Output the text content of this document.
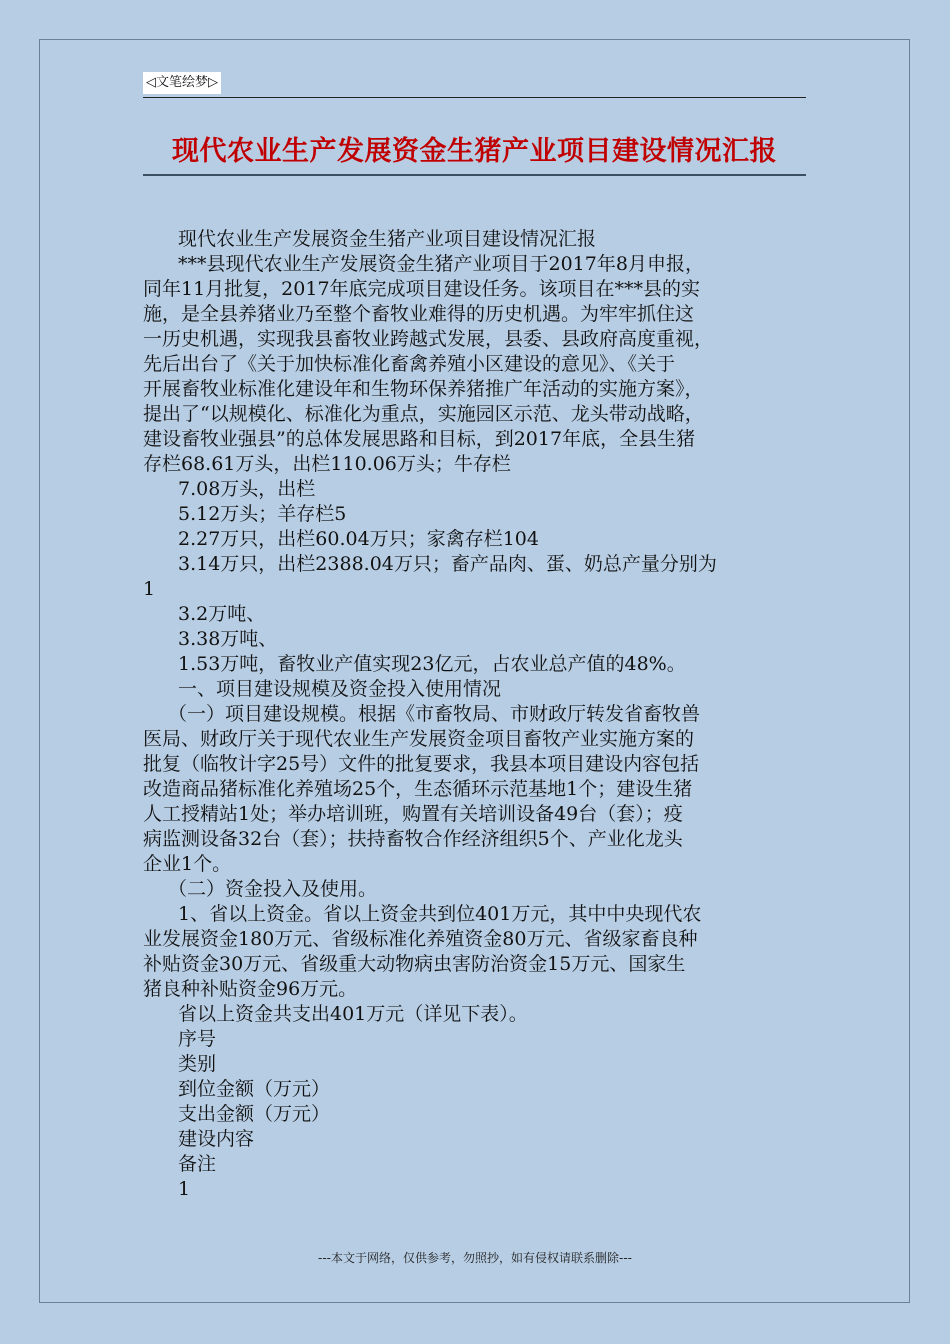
◁文笔绘梦▷
现代农业生产发展资金生猪产业项目建设情况汇报
现代农业生产发展资金生猪产业项目建设情况汇报
***县现代农业生产发展资金生猪产业项目于2017年8月申报，
同年11月批复，2017年底完成项目建设任务。该项目在***县的实
施，是全县养猪业乃至整个畜牧业难得的历史机遇。为牢牢抓住这
一历史机遇，实现我县畜牧业跨越式发展，县委、县政府高度重视，
先后出台了《关于加快标准化畜禽养殖小区建设的意见》、《关于
开展畜牧业标准化建设年和生物环保养猪推广年活动的实施方案》，
提出了“以规模化、标准化为重点，实施园区示范、龙头带动战略，
建设畜牧业强县”的总体发展思路和目标，到2017年底，全县生猪
存栏68.61万头，出栏110.06万头；牛存栏
7.08万头，出栏
5.12万头；羊存栏5
2.27万只，出栏60.04万只；家禽存栏104
3.14万只，出栏2388.04万只；畜产品肉、蛋、奶总产量分别为
1
3.2万吨、
3.38万吨、
1.53万吨，畜牧业产值实现23亿元，占农业总产值的48%。
一、项目建设规模及资金投入使用情况
（一）项目建设规模。根据《市畜牧局、市财政厅转发省畜牧兽
医局、财政厅关于现代农业生产发展资金项目畜牧产业实施方案的
批复（临牧计字25号）文件的批复要求，我县本项目建设内容包括
改造商品猪标准化养殖场25个，生态循环示范基地1个；建设生猪
人工授精站1处；举办培训班，购置有关培训设备49台（套）；疫
病监测设备32台（套）；扶持畜牧合作经济组织5个、产业化龙头
企业1个。
（二）资金投入及使用。
1、省以上资金。省以上资金共到位401万元，其中中央现代农
业发展资金180万元、省级标准化养殖资金80万元、省级家畜良种
补贴资金30万元、省级重大动物病虫害防治资金15万元、国家生
猪良种补贴资金96万元。
省以上资金共支出401万元（详见下表）。
序号
类别
到位金额（万元）
支出金额（万元）
建设内容
备注
1
---本文于网络，仅供参考，勿照抄，如有侵权请联系删除---
